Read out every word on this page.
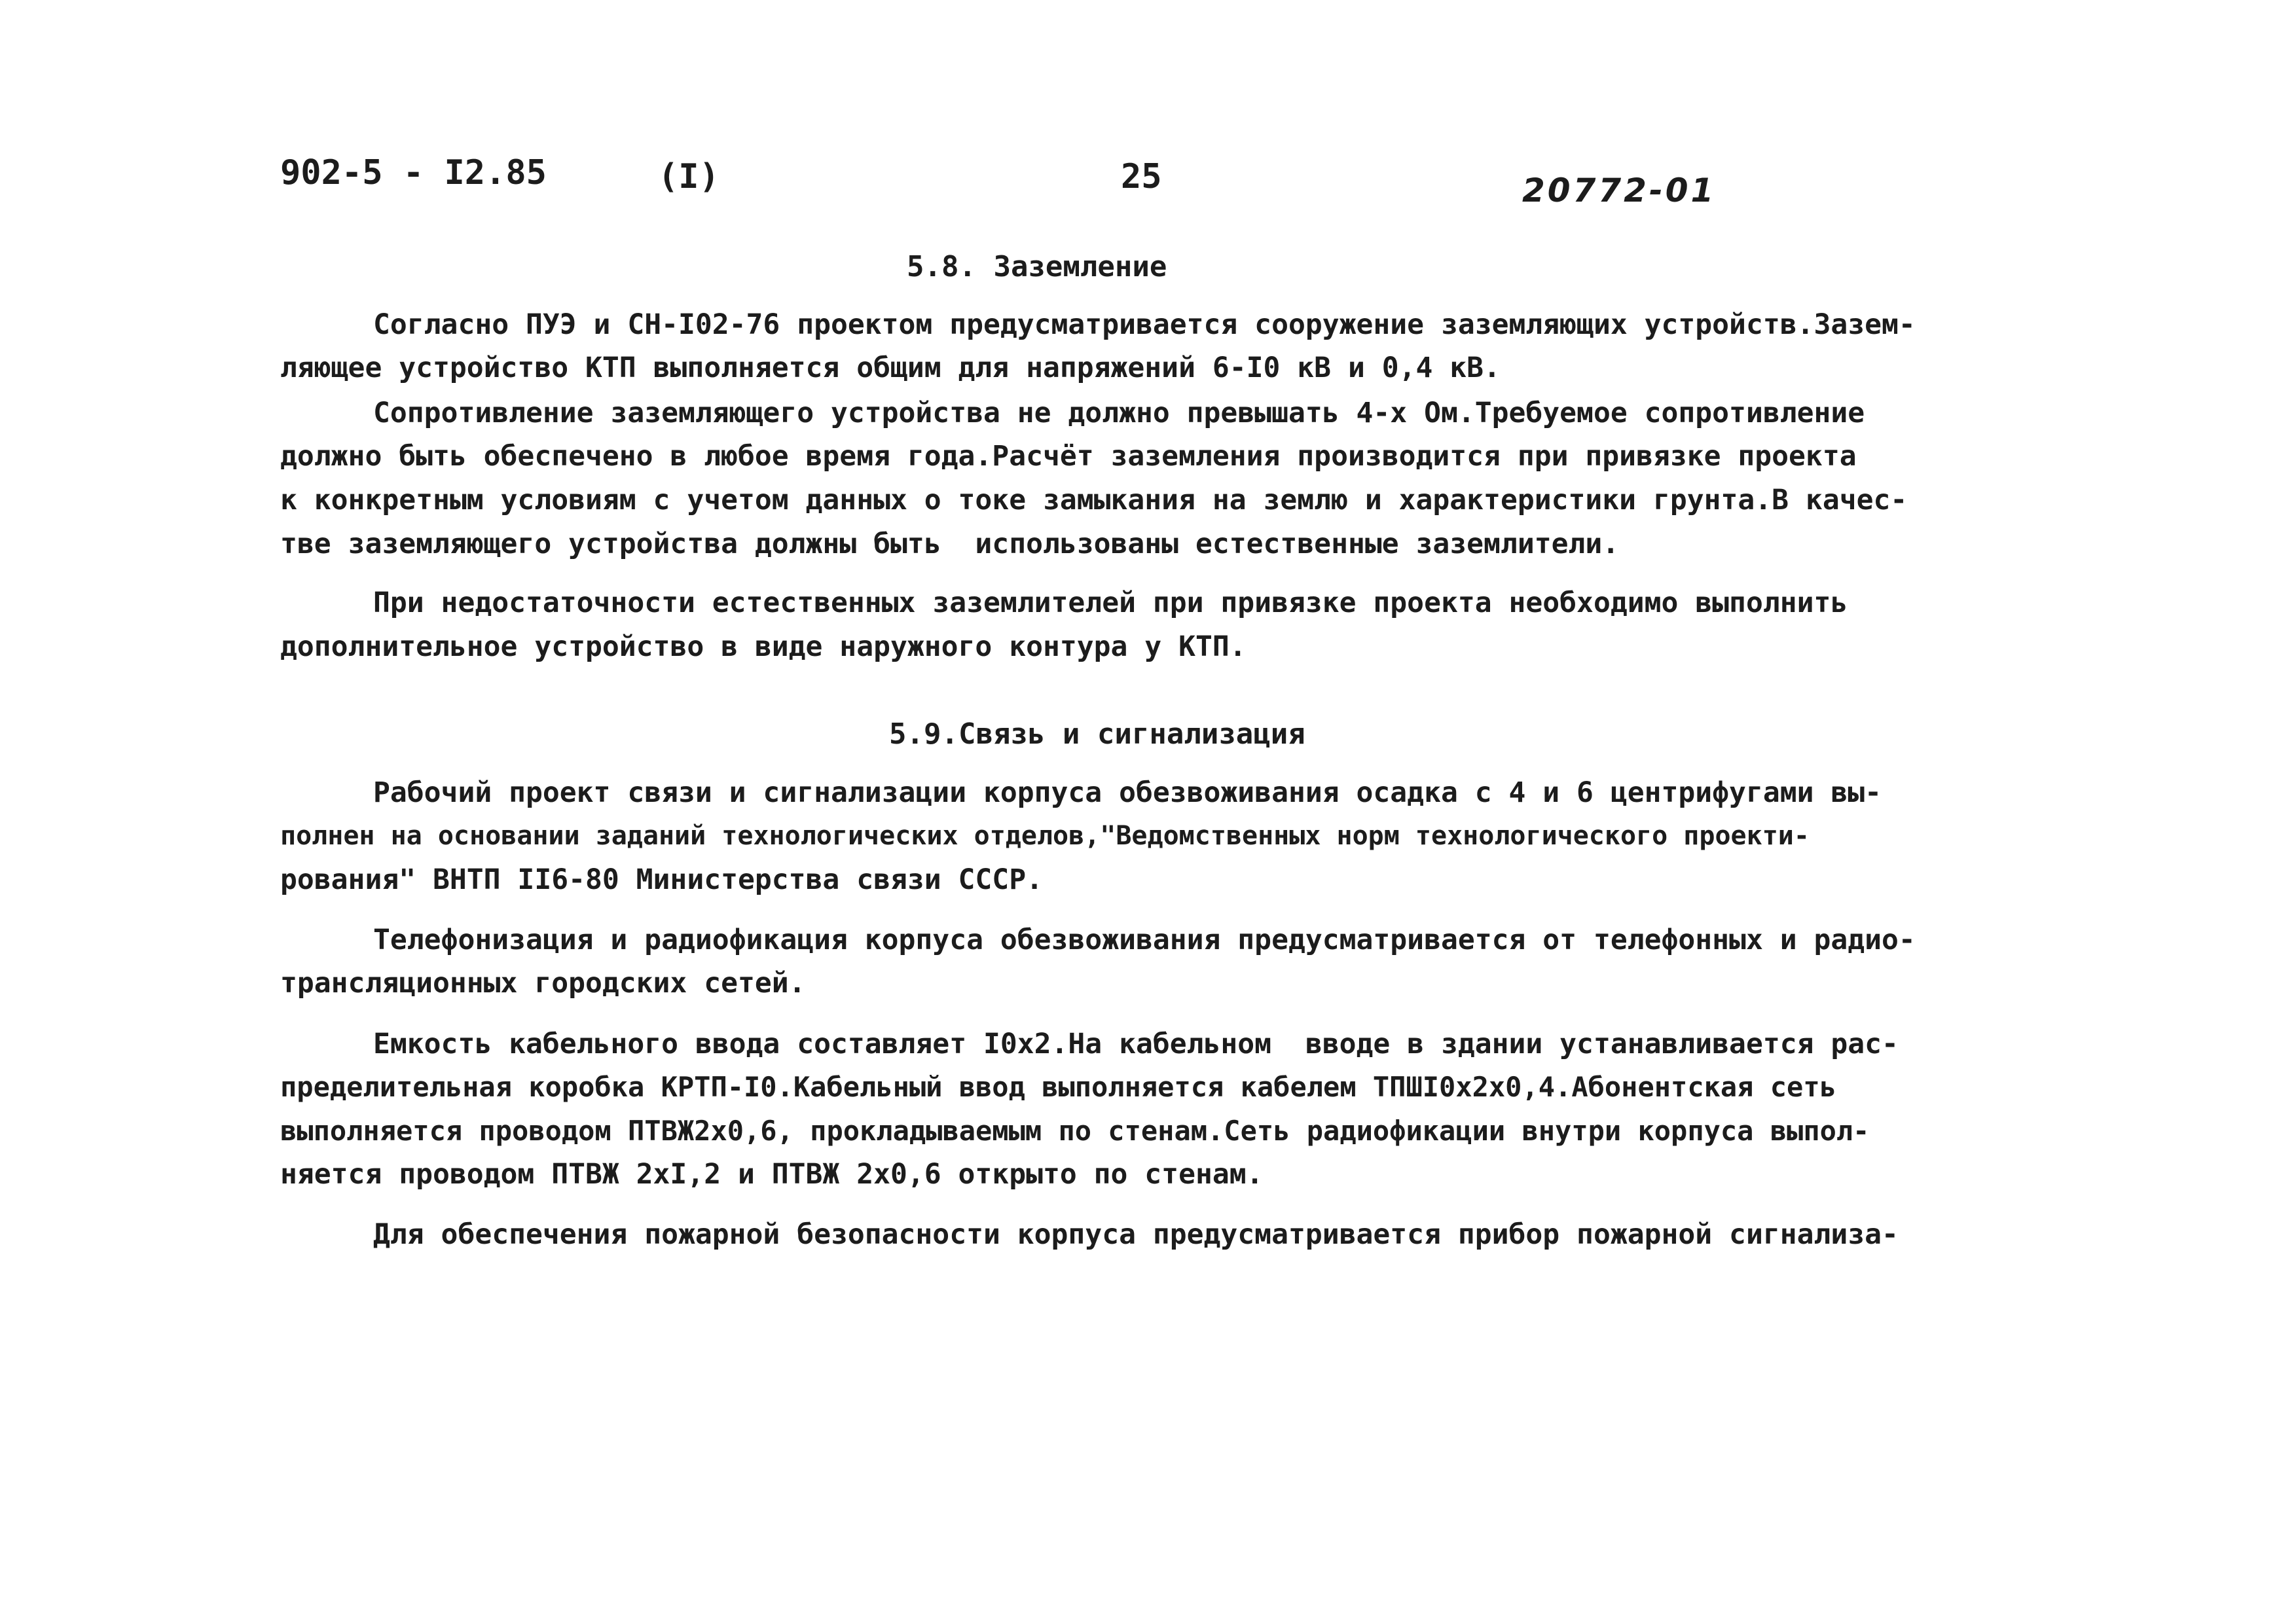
902-5 - I2.85	(I)	25	20772-01
5.8. Заземление
Согласно ПУЭ и СН-I02-76 проектом предусматривается сооружение заземляющих устройств.Зазем-
ляющее устройство КТП выполняется общим для напряжений 6-I0 кВ и 0,4 кВ.
Сопротивление заземляющего устройства не должно превышать 4-х Ом.Требуемое сопротивление
должно быть обеспечено в любое время года.Расчёт заземления производится при привязке проекта
к конкретным условиям с учетом данных о токе замыкания на землю и характеристики грунта.В качес-
тве заземляющего устройства должны быть  использованы естественные заземлители.
При недостаточности естественных заземлителей при привязке проекта необходимо выполнить
дополнительное устройство в виде наружного контура у КТП.
5.9.Связь и сигнализация
Рабочий проект связи и сигнализации корпуса обезвоживания осадка с 4 и 6 центрифугами вы-
полнен на основании заданий технологических отделов,"Ведомственных норм технологического проекти-
рования" ВНТП II6-80 Министерства связи СССР.
Телефонизация и радиофикация корпуса обезвоживания предусматривается от телефонных и радио-
трансляционных городских сетей.
Емкость кабельного ввода составляет I0х2.На кабельном  вводе в здании устанавливается рас-
пределительная коробка КРТП-I0.Кабельный ввод выполняется кабелем ТПШI0х2х0,4.Абонентская сеть
выполняется проводом ПТВЖ2х0,6, прокладываемым по стенам.Сеть радиофикации внутри корпуса выпол-
няется проводом ПТВЖ 2хI,2 и ПТВЖ 2х0,6 открыто по стенам.
Для обеспечения пожарной безопасности корпуса предусматривается прибор пожарной сигнализа-
